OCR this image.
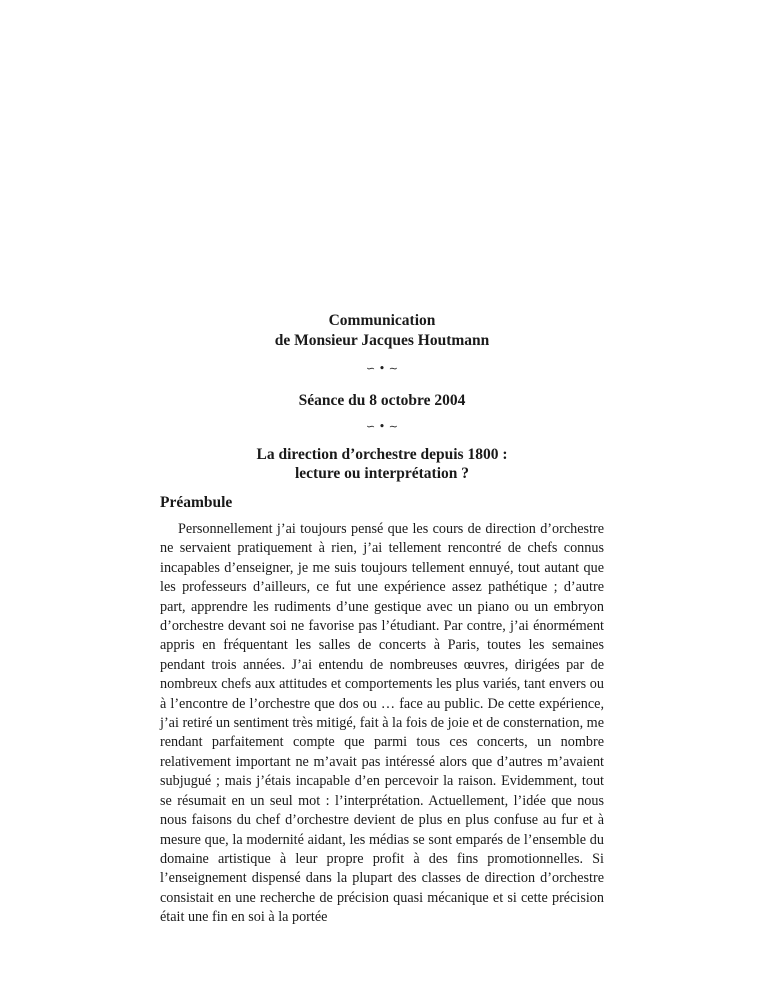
Communication
de Monsieur Jacques Houtmann
∽ • ∼
Séance du 8 octobre 2004
∽ • ∼
La direction d’orchestre depuis 1800 :
lecture ou interprétation ?
Préambule

Personnellement j’ai toujours pensé que les cours de direction d’orchestre ne servaient pratiquement à rien, j’ai tellement rencontré de chefs connus incapables d’enseigner, je me suis toujours tellement ennuyé, tout autant que les professeurs d’ailleurs, ce fut une expérience assez pathétique ; d’autre part, apprendre les rudiments d’une gestique avec un piano ou un embryon d’orchestre devant soi ne favorise pas l’étudiant. Par contre, j’ai énormément appris en fréquentant les salles de concerts à Paris, toutes les semaines pendant trois années. J’ai entendu de nombreuses œuvres, dirigées par de nombreux chefs aux attitudes et comportements les plus variés, tant envers ou à l’encontre de l’orchestre que dos ou … face au public. De cette expérience, j’ai retiré un sentiment très mitigé, fait à la fois de joie et de consternation, me rendant parfaitement compte que parmi tous ces concerts, un nombre relativement important ne m’avait pas intéressé alors que d’autres m’avaient subjugué ; mais j’étais incapable d’en percevoir la raison. Evidemment, tout se résumait en un seul mot : l’interprétation. Actuellement, l’idée que nous nous faisons du chef d’orchestre devient de plus en plus confuse au fur et à mesure que, la modernité aidant, les médias se sont emparés de l’ensemble du domaine artistique à leur propre profit à des fins promotionnelles. Si l’enseignement dispensé dans la plupart des classes de direction d’orchestre consistait en une recherche de précision quasi mécanique et si cette précision était une fin en soi à la portée
